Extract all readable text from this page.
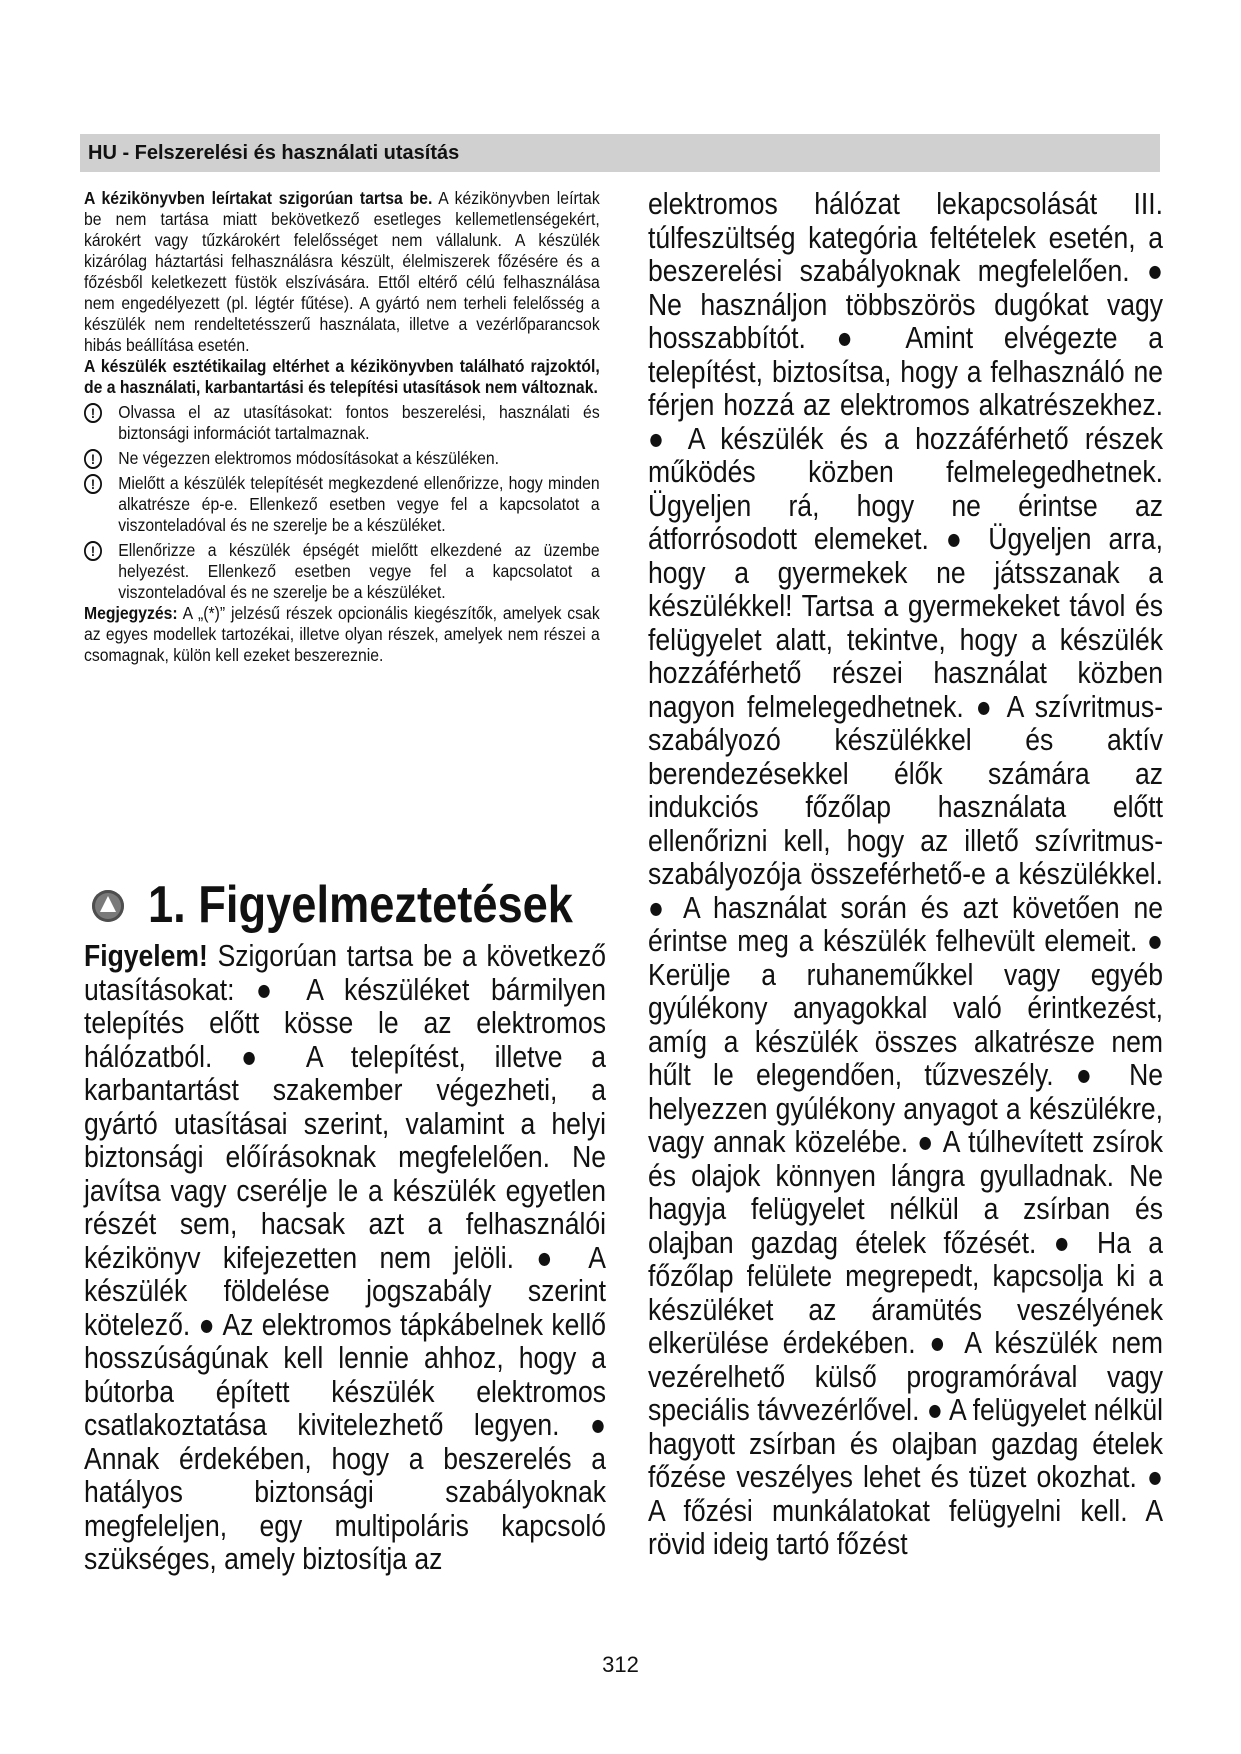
HU - Felszerelési és használati utasítás

A kézikönyvben leírtakat szigorúan tartsa be. A kézikönyvben leírtak be nem tartása miatt bekövetkező esetleges kellemetlenségekért, károkért vagy tűzkárokért felelősséget nem vállalunk. A készülék kizárólag háztartási felhasználásra készült, élelmiszerek főzésére és a főzésből keletkezett füstök elszívására. Ettől eltérő célú felhasználása nem engedélyezett (pl. légtér fűtése). A gyártó nem terheli felelősség a készülék nem rendeltetésszerű használata, illetve a vezérlőparancsok hibás beállítása esetén.

A készülék esztétikailag eltérhet a kézikönyvben található rajzoktól, de a használati, karbantartási és telepítési utasítások nem változnak.

!	Olvassa el az utasításokat: fontos beszerelési, használati és biztonsági információt tartalmaznak.
!	Ne végezzen elektromos módosításokat a készüléken.
!	Mielőtt a készülék telepítését megkezdené ellenőrizze, hogy minden alkatrésze ép-e. Ellenkező esetben vegye fel a kapcsolatot a viszonteladóval és ne szerelje be a készüléket.
!	Ellenőrizze a készülék épségét mielőtt elkezdené az üzembe helyezést. Ellenkező esetben vegye fel a kapcsolatot a viszonteladóval és ne szerelje be a készüléket.

Megjegyzés: A „(*)” jelzésű részek opcionális kiegészítők, amelyek csak az egyes modellek tartozékai, illetve olyan részek, amelyek nem részei a csomagnak, külön kell ezeket beszereznie.

1. Figyelmeztetések
Figyelem! Szigorúan tartsa be a következő utasításokat: ● A készüléket bármilyen telepítés előtt kösse le az elektromos hálózatból. ● A telepítést, illetve a karbantartást szakember végezheti, a gyártó utasításai szerint, valamint a helyi biztonsági előírásoknak megfelelően. Ne javítsa vagy cserélje le a készülék egyetlen részét sem, hacsak azt a felhasználói kézikönyv kifejezetten nem jelöli. ● A készülék földelése jogszabály szerint kötelező. ● Az elektromos tápkábelnek kellő hosszúságúnak kell lennie ahhoz, hogy a bútorba épített készülék elektromos csatlakoztatása kivitelezhető legyen. ● Annak érdekében, hogy a beszerelés a hatályos biztonsági szabályoknak megfeleljen, egy multipoláris kapcsoló szükséges, amely biztosítja az
elektromos hálózat lekapcsolását III. túlfeszültség kategória feltételek esetén, a beszerelési szabályoknak megfelelően. ● Ne használjon többszörös dugókat vagy hosszabbítót. ● Amint elvégezte a telepítést, biztosítsa, hogy a felhasználó ne férjen hozzá az elektromos alkatrészekhez. ● A készülék és a hozzáférhető részek működés közben felmelegedhetnek. Ügyeljen rá, hogy ne érintse az átforrósodott elemeket. ● Ügyeljen arra, hogy a gyermekek ne játsszanak a készülékkel! Tartsa a gyermekeket távol és felügyelet alatt, tekintve, hogy a készülék hozzáférhető részei használat közben nagyon felmelegedhetnek. ● A szívritmus-szabályozó készülékkel és aktív berendezésekkel élők számára az indukciós főzőlap használata előtt ellenőrizni kell, hogy az illető szívritmus-szabályozója összeférhető-e a készülékkel. ● A használat során és azt követően ne érintse meg a készülék felhevült elemeit. ● Kerülje a ruhaneműkkel vagy egyéb gyúlékony anyagokkal való érintkezést, amíg a készülék összes alkatrésze nem hűlt le elegendően, tűzveszély. ● Ne helyezzen gyúlékony anyagot a készülékre, vagy annak közelébe. ● A túlhevített zsírok és olajok könnyen lángra gyulladnak. Ne hagyja felügyelet nélkül a zsírban és olajban gazdag ételek főzését. ● Ha a főzőlap felülete megrepedt, kapcsolja ki a készüléket az áramütés veszélyének elkerülése érdekében. ● A készülék nem vezérelhető külső programórával vagy speciális távvezérlővel. ● A felügyelet nélkül hagyott zsírban és olajban gazdag ételek főzése veszélyes lehet és tüzet okozhat. ● A főzési munkálatokat felügyelni kell. A rövid ideig tartó főzést
312
